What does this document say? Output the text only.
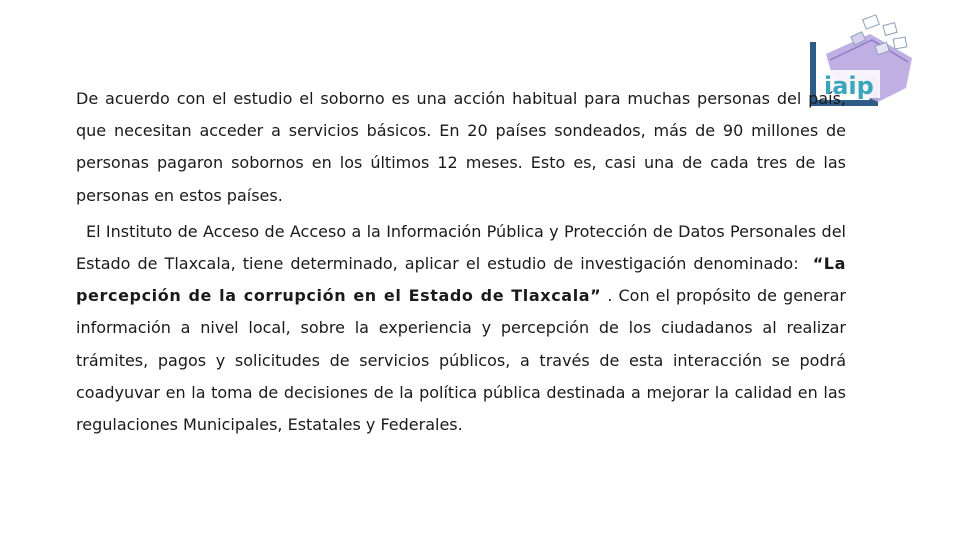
iaip

De acuerdo con el estudio el soborno es una acción habitual para muchas personas del país, que necesitan acceder a servicios básicos. En 20 países sondeados, más de 90 millones de personas pagaron sobornos en los últimos 12 meses. Esto es, casi una de cada tres de las personas en estos países.

El Instituto de Acceso de Acceso a la Información Pública y Protección de Datos Personales del Estado de Tlaxcala, tiene determinado, aplicar el estudio de investigación denominado: “La percepción de la corrupción en el Estado de Tlaxcala” . Con el propósito de generar información a nivel local, sobre la experiencia y percepción de los ciudadanos al realizar trámites, pagos y solicitudes de servicios públicos, a través de esta interacción se podrá coadyuvar en la toma de decisiones de la política pública destinada a mejorar la calidad en las regulaciones Municipales, Estatales y Federales.
